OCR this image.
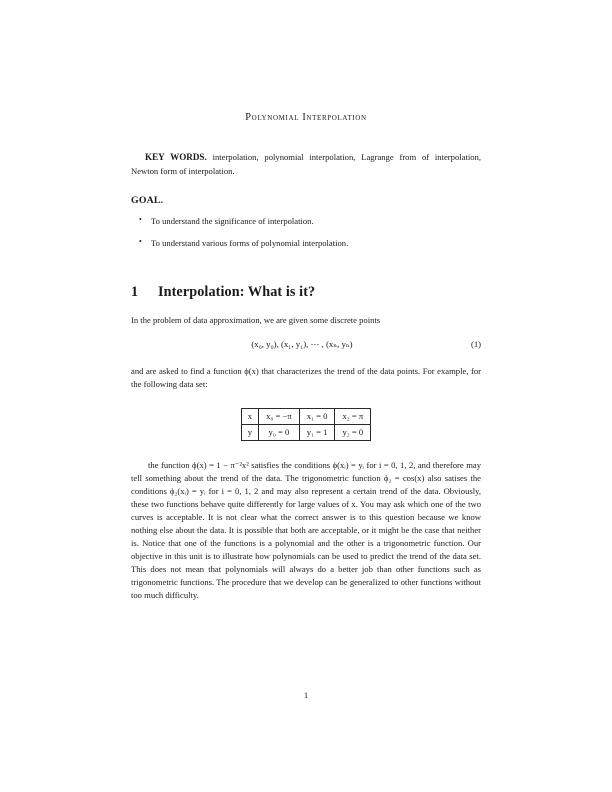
Polynomial Interpolation

KEY WORDS. interpolation, polynomial interpolation, Lagrange from of interpolation, Newton form of interpolation.

GOAL.
• To understand the significance of interpolation.
• To understand various forms of polynomial interpolation.
1 Interpolation: What is it?

In the problem of data approximation, we are given some discrete points

(x₀, y₀), (x₁, y₁), ⋯ , (xₙ, yₙ)	(1)

and are asked to find a function ϕ(x) that characterizes the trend of the data points. For example, for the following data set:

x	x₀ = −π	x₁ = 0	x₂ = π
y	y₀ = 0	y₁ = 1	y₂ = 0

the function ϕ(x) = 1 − π⁻²x² satisfies the conditions ϕ(xᵢ) = yᵢ for i = 0, 1, 2, and therefore may tell something about the trend of the data. The trigonometric function ϕ₂ = cos(x) also satises the conditions ϕ₂(xᵢ) = yᵢ for i = 0, 1, 2 and may also represent a certain trend of the data. Obviously, these two functions behave quite differently for large values of x. You may ask which one of the two curves is acceptable. It is not clear what the correct answer is to this question because we know nothing else about the data. It is possible that both are acceptable, or it might be the case that neither is. Notice that one of the functions is a polynomial and the other is a trigonometric function. Our objective in this unit is to illustrate how polynomials can be used to predict the trend of the data set. This does not mean that polynomials will always do a better job than other functions such as trigonometric functions. The procedure that we develop can be generalized to other functions without too much difficulty.

1
